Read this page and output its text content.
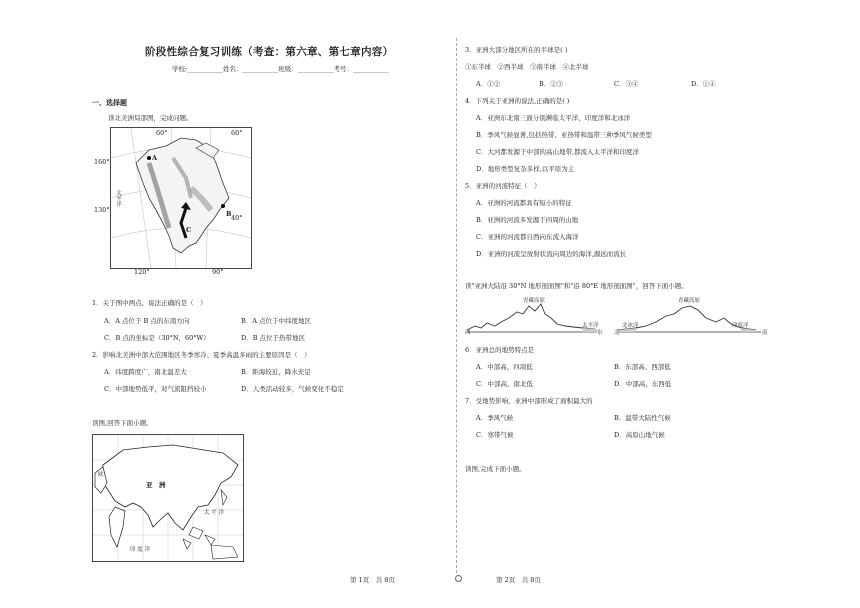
阶段性综合复习训练（考查：第六章、第七章内容）
学校:___________姓名：___________班级：___________考号：___________
一、选择题
读北美洲局部图，完成问题。
60°	60°
160°
130°
40°
120°	90°
A
B
C
太平洋
1．关于图中两点，说法正确的是（　）
A．A 点位于 B 点的东南方向	B．A 点位于中纬度地区
C．B 点的坐标是（30°N，60°W）	D．B 点位于热带地区
2．影响北美洲中部大范围地区冬季寒冷、夏季高温多雨的主要原因是（　）
A．纬度跨度广，南北温差大	B．距海较近，降水充足
C．中部地势低平，对气流阻挡较小	D．人类活动较多，气候变化不稳定
读图,回答下面小题。
亚　洲
太 平 洋
印 度 洋
欧
3．亚洲大部分地区所在的半球是( )
①东半球　②西半球　③南半球　④北半球
A．①②	B．②③	C．③④	D．①④
4．下列关于亚洲的说法,正确的是( )
A．亚洲东北南三面分别濒临太平洋、印度洋和北冰洋
B．季风气候显著,包括热带、亚热带和温带三种季风气候类型
C．大河都发源于中部的高山地带,都流入太平洋和印度洋
D．地形类型复杂多样,以平原为主
5．亚洲的河流特征（　）
A．亚洲的河流都具有短小的特征
B．亚洲的河流多发源于四周的山地
C．亚洲的河流都自西向东流入海洋
D．亚洲的河流呈放射状流向周边的海洋,源远而流长
读"亚洲大陆沿 30°N 地形剖面图"和"沿 80°E 地形剖面图"，回答下面小题。
青藏高原
西
太平洋
东
青藏高原
北
北冰洋	印度洋
南
6．亚洲总的地势特点是
A．中部高、四周低	B．东部高、西部低
C．中部高、南北低	D．中部高、东西低
7．受地势影响，亚洲中部形成了面积最大的
A．季风气候	B．温带大陆性气候
C．寒带气候	D．高原山地气候
读图,完成下面小题。
第 1页　共 8页	第 2页　共 8页
